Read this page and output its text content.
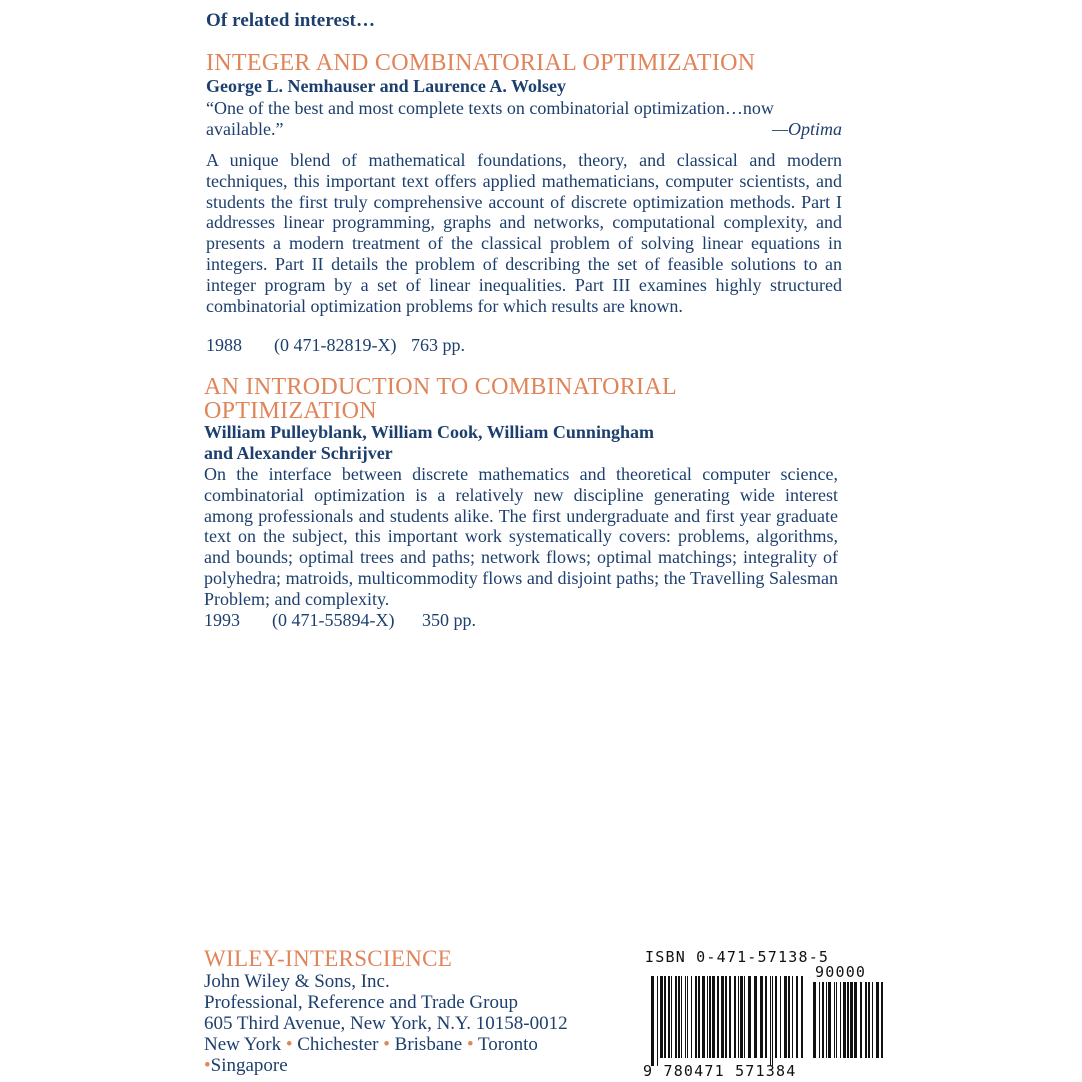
Of related interest…
INTEGER AND COMBINATORIAL OPTIMIZATION
George L. Nemhauser and Laurence A. Wolsey
“One of the best and most complete texts on combinatorial optimization…now
available.”	—Optima
A unique blend of mathematical foundations, theory, and classical and modern techniques, this important text offers applied mathematicians, computer scientists, and students the first truly comprehensive account of discrete optimization methods. Part I addresses linear programming, graphs and networks, computational complexity, and presents a modern treatment of the classical problem of solving linear equations in integers. Part II details the problem of describing the set of feasible solutions to an integer program by a set of linear inequalities. Part III examines highly structured combinatorial optimization problems for which results are known.
1988	(0 471-82819-X) 763 pp.
AN INTRODUCTION TO COMBINATORIAL
OPTIMIZATION
William Pulleyblank, William Cook, William Cunningham
and Alexander Schrijver
On the interface between discrete mathematics and theoretical computer science, combinatorial optimization is a relatively new discipline generating wide interest among professionals and students alike. The first undergraduate and first year graduate text on the subject, this important work systematically covers: problems, algorithms, and bounds; optimal trees and paths; network flows; optimal matchings; integrality of polyhedra; matroids, multicommodity flows and disjoint paths; the Travelling Salesman Problem; and complexity.
1993	(0 471-55894-X)	350 pp.
WILEY-INTERSCIENCE
John Wiley & Sons, Inc.
Professional, Reference and Trade Group
605 Third Avenue, New York, N.Y. 10158-0012
New York • Chichester • Brisbane • Toronto
•Singapore
ISBN 0-471-57138-5
90000
9 780471 571384
